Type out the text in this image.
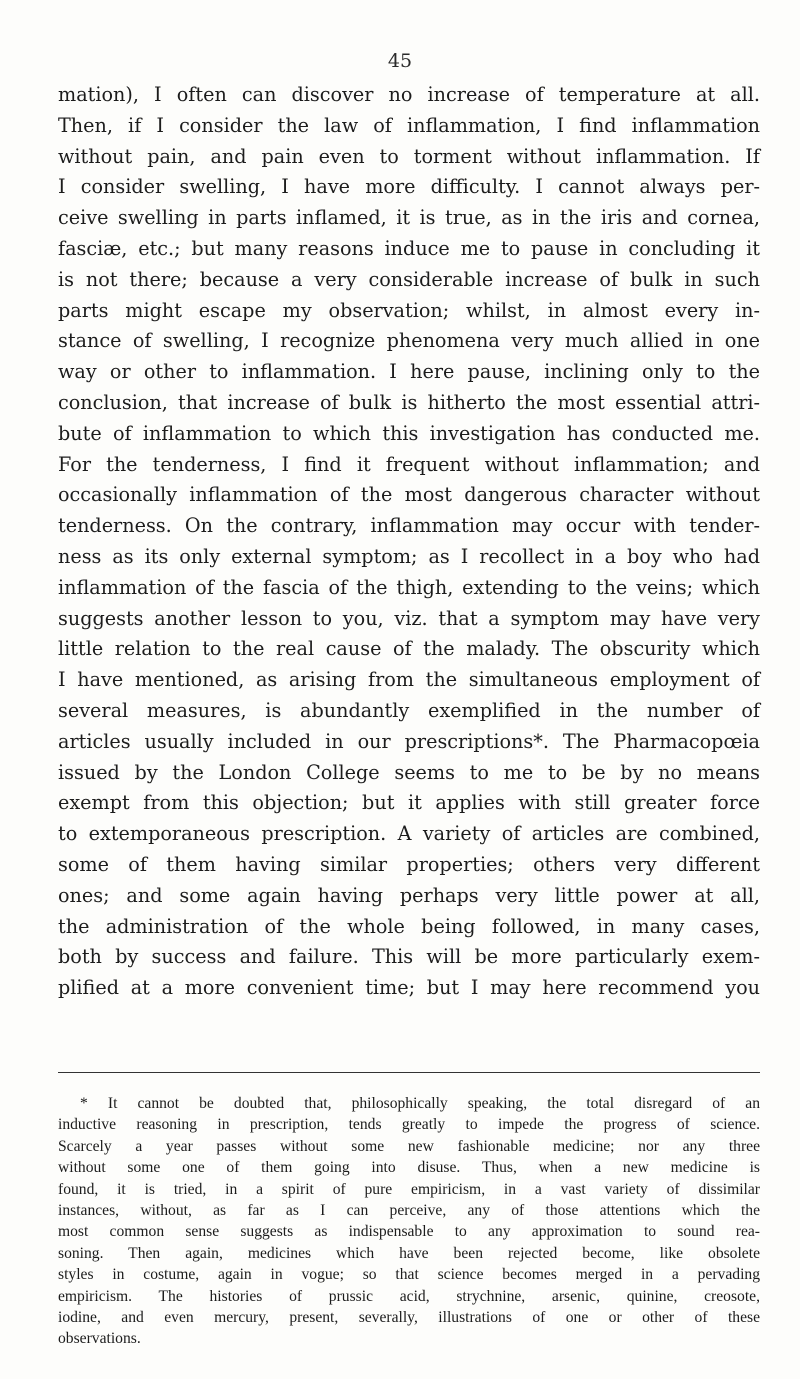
45
mation), I often can discover no increase of temperature at all.
Then, if I consider the law of inflammation, I find inflammation
without pain, and pain even to torment without inflammation. If
I consider swelling, I have more difficulty. I cannot always per-
ceive swelling in parts inflamed, it is true, as in the iris and cornea,
fasciæ, etc.; but many reasons induce me to pause in concluding it
is not there; because a very considerable increase of bulk in such
parts might escape my observation; whilst, in almost every in-
stance of swelling, I recognize phenomena very much allied in one
way or other to inflammation. I here pause, inclining only to the
conclusion, that increase of bulk is hitherto the most essential attri-
bute of inflammation to which this investigation has conducted me.
For the tenderness, I find it frequent without inflammation; and
occasionally inflammation of the most dangerous character without
tenderness. On the contrary, inflammation may occur with tender-
ness as its only external symptom; as I recollect in a boy who had
inflammation of the fascia of the thigh, extending to the veins; which
suggests another lesson to you, viz. that a symptom may have very
little relation to the real cause of the malady. The obscurity which
I have mentioned, as arising from the simultaneous employment of
several measures, is abundantly exemplified in the number of
articles usually included in our prescriptions*. The Pharmacopœia
issued by the London College seems to me to be by no means
exempt from this objection; but it applies with still greater force
to extemporaneous prescription. A variety of articles are combined,
some of them having similar properties; others very different
ones; and some again having perhaps very little power at all,
the administration of the whole being followed, in many cases,
both by success and failure. This will be more particularly exem-
plified at a more convenient time; but I may here recommend you
* It cannot be doubted that, philosophically speaking, the total disregard of an
inductive reasoning in prescription, tends greatly to impede the progress of science.
Scarcely a year passes without some new fashionable medicine; nor any three
without some one of them going into disuse. Thus, when a new medicine is
found, it is tried, in a spirit of pure empiricism, in a vast variety of dissimilar
instances, without, as far as I can perceive, any of those attentions which the
most common sense suggests as indispensable to any approximation to sound rea-
soning. Then again, medicines which have been rejected become, like obsolete
styles in costume, again in vogue; so that science becomes merged in a pervading
empiricism. The histories of prussic acid, strychnine, arsenic, quinine, creosote,
iodine, and even mercury, present, severally, illustrations of one or other of these
observations.
